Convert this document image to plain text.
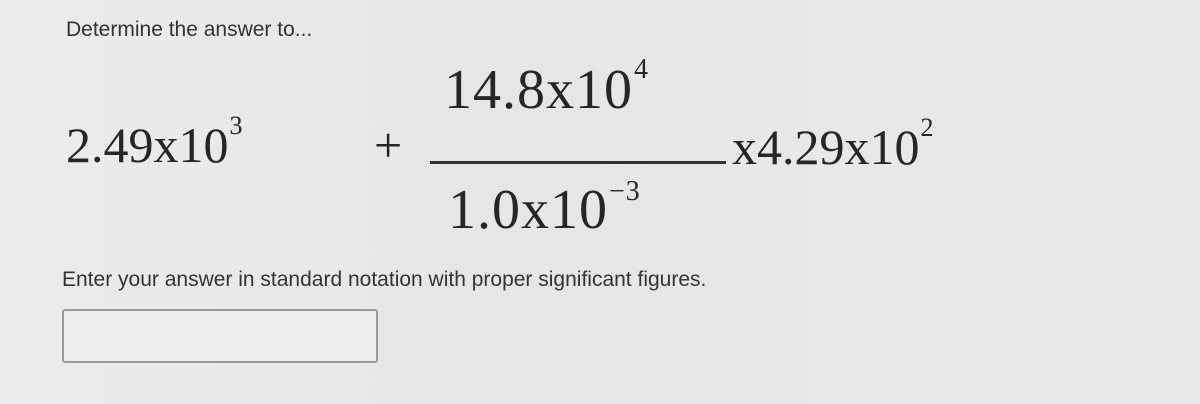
Determine the answer to...
$2.49x10^3$	+
$14.8x10^4$
$1.0x10^{-3}$
$x4.29x10^2$
Enter your answer in standard notation with proper significant figures.
